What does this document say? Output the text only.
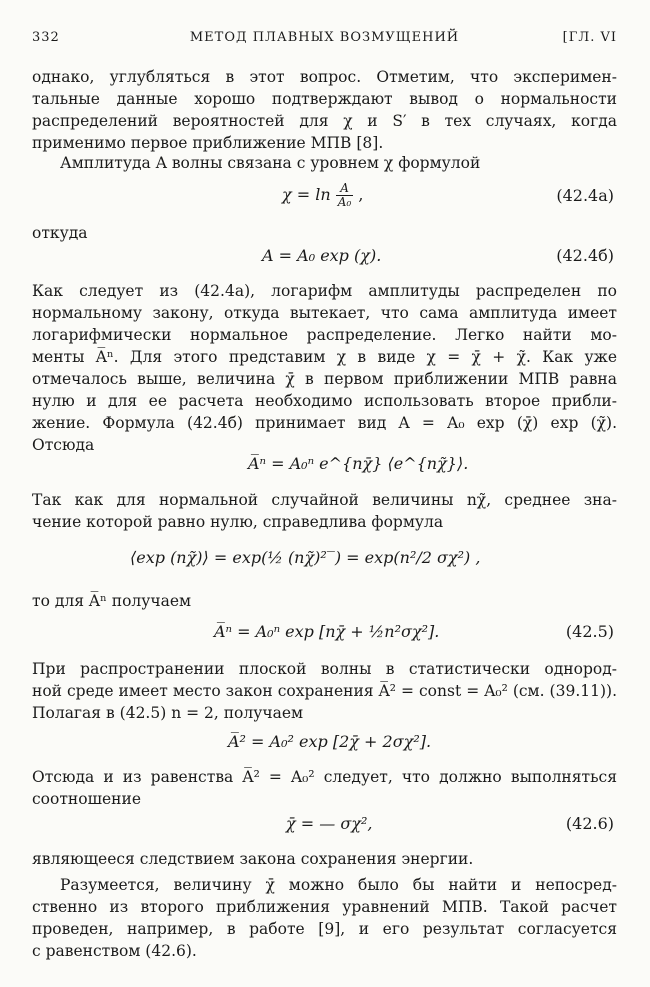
332	МЕТОД ПЛАВНЫХ ВОЗМУЩЕНИЙ	[ГЛ. VI
однако, углубляться в этот вопрос. Отметим, что эксперимен-
тальные данные хорошо подтверждают вывод о нормальности
распределений вероятностей для χ и S′ в тех случаях, когда
применимо первое приближение МПВ [8].
Амплитуда A волны связана с уровнем χ формулой
$\chi = \ln \frac{A}{\text{A₀}}$ ,	(42.4а)
откуда
A = A₀ exp (χ).	(42.4б)
Как следует из (42.4а), логарифм амплитуды распределен по
нормальному закону, откуда вытекает, что сама амплитуда имеет
логарифмически нормальное распределение. Легко найти мо-
менты A̅ⁿ. Для этого представим χ в виде χ = χ̄ + χ̃. Как уже
отмечалось выше, величина χ̄ в первом приближении МПВ равна
нулю и для ее расчета необходимо использовать второе прибли-
жение. Формула (42.4б) принимает вид A = A₀ exp (χ̄) exp (χ̃).
Отсюда
A̅ⁿ = A₀ⁿ e^{nχ̄} ⟨e^{nχ̃}⟩.
Так как для нормальной случайной величины nχ̃, среднее зна-
чение которой равно нулю, справедлива формула
⟨exp (nχ̃)⟩ = exp(½ (nχ̃)²‾) = exp(n²/2 σχ²) ,
то для A̅ⁿ получаем
A̅ⁿ = A₀ⁿ exp [nχ̄ + ½n²σχ²].	(42.5)
При распространении плоской волны в статистически однород-
ной среде имеет место закон сохранения A̅² = const = A₀² (см. (39.11)).
Полагая в (42.5) n = 2, получаем
A̅² = A₀² exp [2χ̄ + 2σχ²].
Отсюда и из равенства A̅² = A₀² следует, что должно выполняться
соотношение
χ̄ = — σχ²,	(42.6)
являющееся следствием закона сохранения энергии.
Разумеется, величину χ̄ можно было бы найти и непосред-
ственно из второго приближения уравнений МПВ. Такой расчет
проведен, например, в работе [9], и его результат согласуется
с равенством (42.6).
